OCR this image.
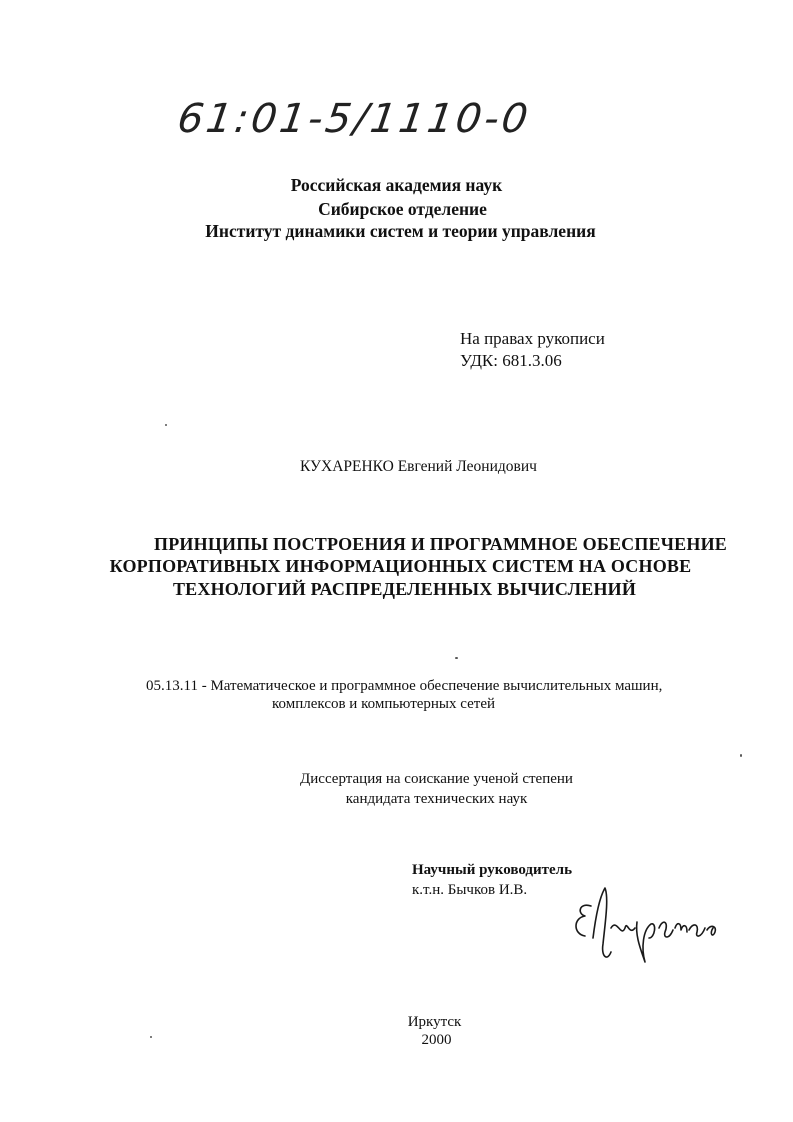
61:01-5/1110-0
Российская академия наук
Сибирское отделение
Институт динамики систем и теории управления
На правах рукописи
УДК: 681.3.06
КУХАРЕНКО Евгений Леонидович
ПРИНЦИПЫ ПОСТРОЕНИЯ И ПРОГРАММНОЕ ОБЕСПЕЧЕНИЕ
КОРПОРАТИВНЫХ ИНФОРМАЦИОННЫХ СИСТЕМ НА ОСНОВЕ
ТЕХНОЛОГИЙ РАСПРЕДЕЛЕННЫХ ВЫЧИСЛЕНИЙ
05.13.11 - Математическое и программное обеспечение вычислительных машин,
комплексов и компьютерных сетей
Диссертация на соискание ученой степени
кандидата технических наук
Научный руководитель
к.т.н. Бычков И.В.
Иркутск
2000
